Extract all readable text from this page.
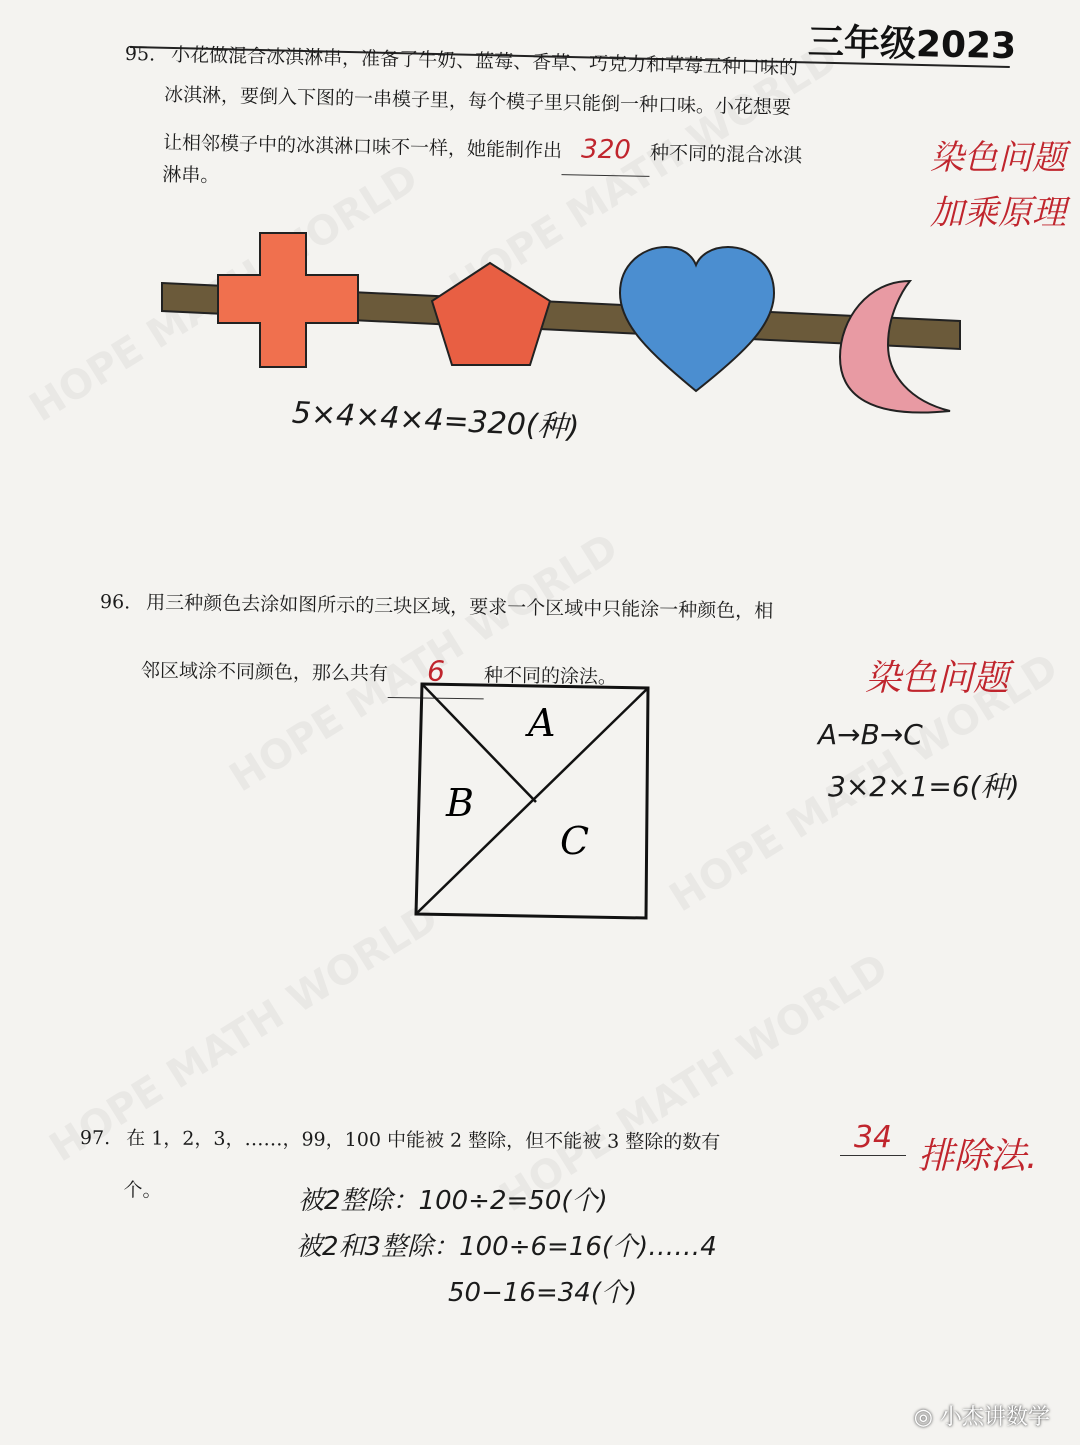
三年级2023
95. 小花做混合冰淇淋串，准备了牛奶、蓝莓、香草、巧克力和草莓五种口味的
冰淇淋，要倒入下图的一串模子里，每个模子里只能倒一种口味。小花想要
让相邻模子中的冰淇淋口味不一样，她能制作出 320 种不同的混合冰淇
淋串。	染色问题
加乘原理
5×4×4×4=320(种)
96. 用三种颜色去涂如图所示的三块区域，要求一个区域中只能涂一种颜色，相
邻区域涂不同颜色，那么共有 6 种不同的涂法。	染色问题
A
B
C
A→B→C
3×2×1=6(种)
97. 在 1，2，3，……，99，100 中能被 2 整除，但不能被 3 整除的数有
个。
34 排除法.
被2整除：100÷2=50(个)
被2和3整除：100÷6=16(个)……4
50−16=34(个)
◎ 小杰讲数学
